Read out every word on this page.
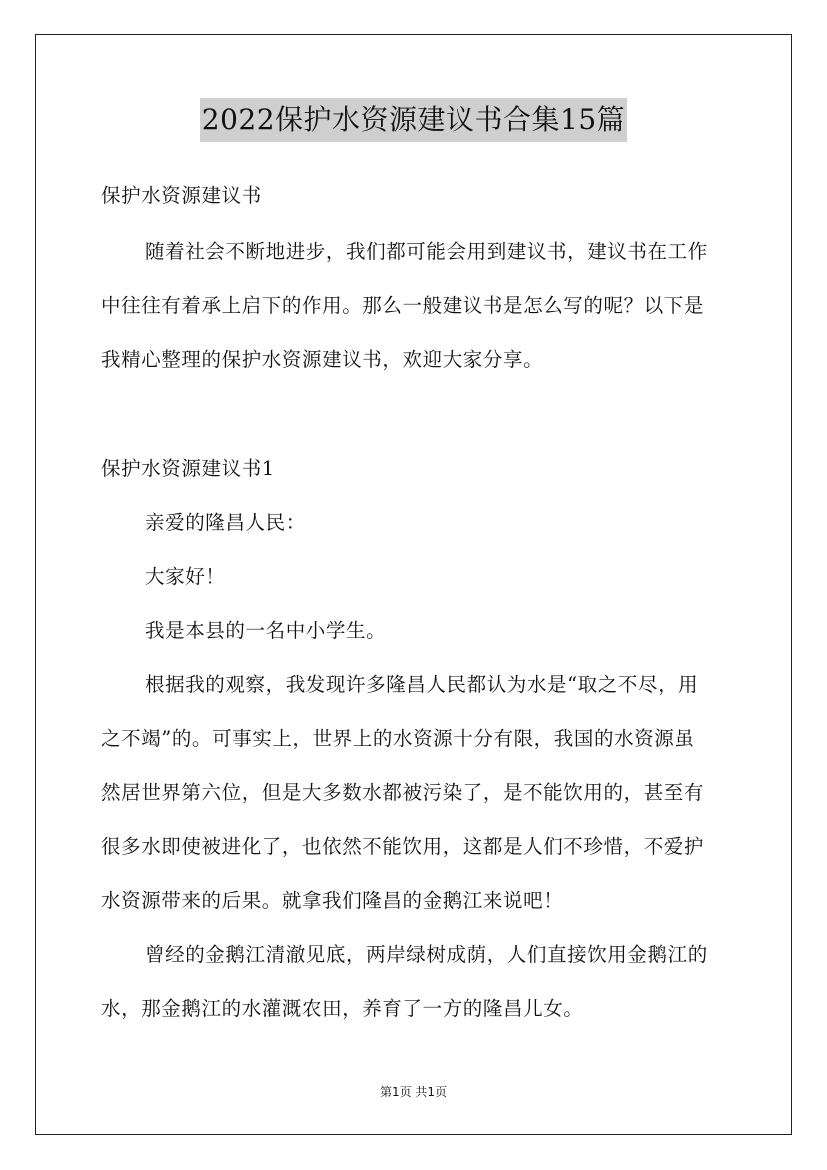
2022保护水资源建议书合集15篇
保护水资源建议书
随着社会不断地进步，我们都可能会用到建议书，建议书在工作
中往往有着承上启下的作用。那么一般建议书是怎么写的呢？以下是
我精心整理的保护水资源建议书，欢迎大家分享。
保护水资源建议书1
亲爱的隆昌人民：
大家好！
我是本县的一名中小学生。
根据我的观察，我发现许多隆昌人民都认为水是“取之不尽，用
之不竭”的。可事实上，世界上的水资源十分有限，我国的水资源虽
然居世界第六位，但是大多数水都被污染了，是不能饮用的，甚至有
很多水即使被进化了，也依然不能饮用，这都是人们不珍惜，不爱护
水资源带来的后果。就拿我们隆昌的金鹅江来说吧！
曾经的金鹅江清澈见底，两岸绿树成荫，人们直接饮用金鹅江的
水，那金鹅江的水灌溉农田，养育了一方的隆昌儿女。
第1页 共1页
